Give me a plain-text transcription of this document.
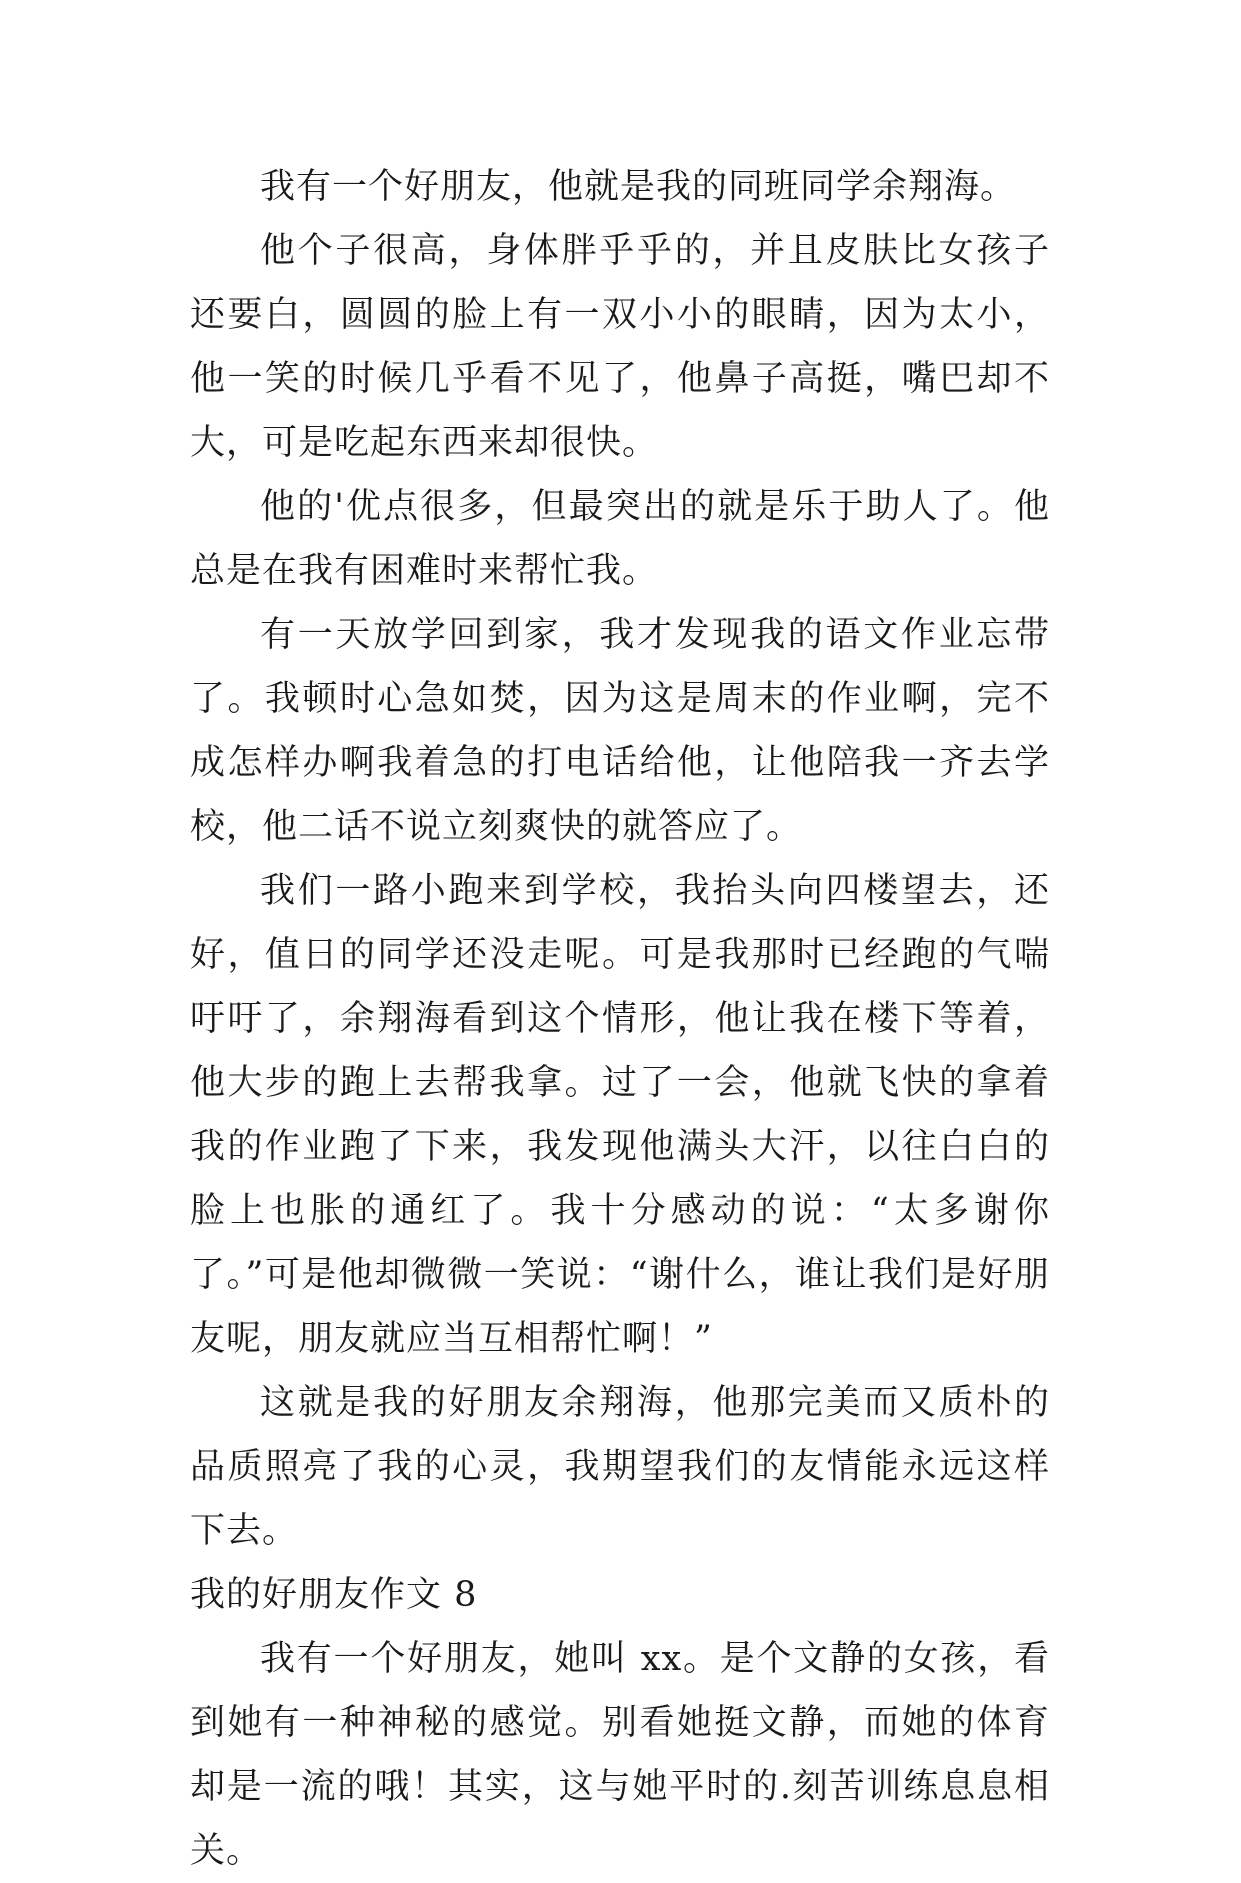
我有一个好朋友，他就是我的同班同学余翔海。

他个子很高，身体胖乎乎的，并且皮肤比女孩子还要白，圆圆的脸上有一双小小的眼睛，因为太小，他一笑的时候几乎看不见了，他鼻子高挺，嘴巴却不大，可是吃起东西来却很快。

他的'优点很多，但最突出的就是乐于助人了。他总是在我有困难时来帮忙我。

有一天放学回到家，我才发现我的语文作业忘带了。我顿时心急如焚，因为这是周末的作业啊，完不成怎样办啊我着急的打电话给他，让他陪我一齐去学校，他二话不说立刻爽快的就答应了。

我们一路小跑来到学校，我抬头向四楼望去，还好，值日的同学还没走呢。可是我那时已经跑的气喘吁吁了，余翔海看到这个情形，他让我在楼下等着，他大步的跑上去帮我拿。过了一会，他就飞快的拿着我的作业跑了下来，我发现他满头大汗，以往白白的脸上也胀的通红了。我十分感动的说：“太多谢你了。”可是他却微微一笑说：“谢什么，谁让我们是好朋友呢，朋友就应当互相帮忙啊！”

这就是我的好朋友余翔海，他那完美而又质朴的品质照亮了我的心灵，我期望我们的友情能永远这样下去。

我的好朋友作文 8

我有一个好朋友，她叫 xx。是个文静的女孩，看到她有一种神秘的感觉。别看她挺文静，而她的体育却是一流的哦！其实，这与她平时的.刻苦训练息息相关。
